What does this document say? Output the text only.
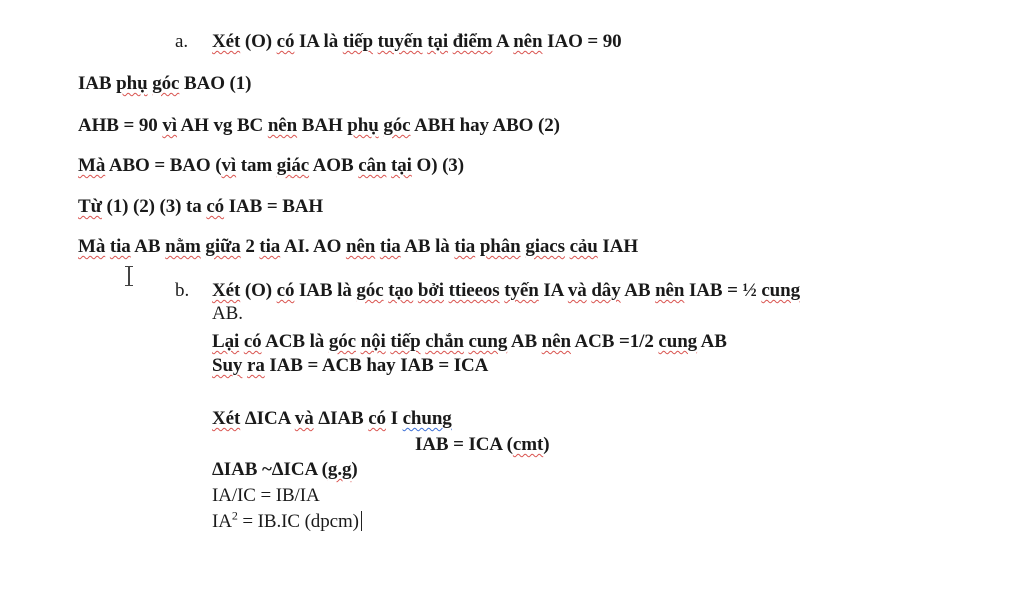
a. Xét (O) có IA là tiếp tuyến tại điểm A nên IAO = 90
IAB phụ góc BAO (1)
AHB = 90 vì AH vg BC nên BAH phụ góc ABH hay ABO (2)
Mà ABO = BAO (vì tam giác AOB cân tại O) (3)
Từ (1) (2) (3) ta có IAB = BAH
Mà tia AB nằm giữa 2 tia AI. AO nên tia AB là tia phân giacs cảu IAH
b. Xét (O) có IAB là góc tạo bởi ttieeos tyến IA và dây AB nên IAB = ½ cung
AB.
Lại có ACB là góc nội tiếp chắn cung AB nên ACB =1/2 cung AB
Suy ra IAB = ACB hay IAB = ICA
Xét ΔICA và ΔIAB có I chung
IAB = ICA (cmt)
ΔIAB ~ΔICA (g.g)
IA/IC = IB/IA
$IA^2 = IB.IC$ (dpcm)
